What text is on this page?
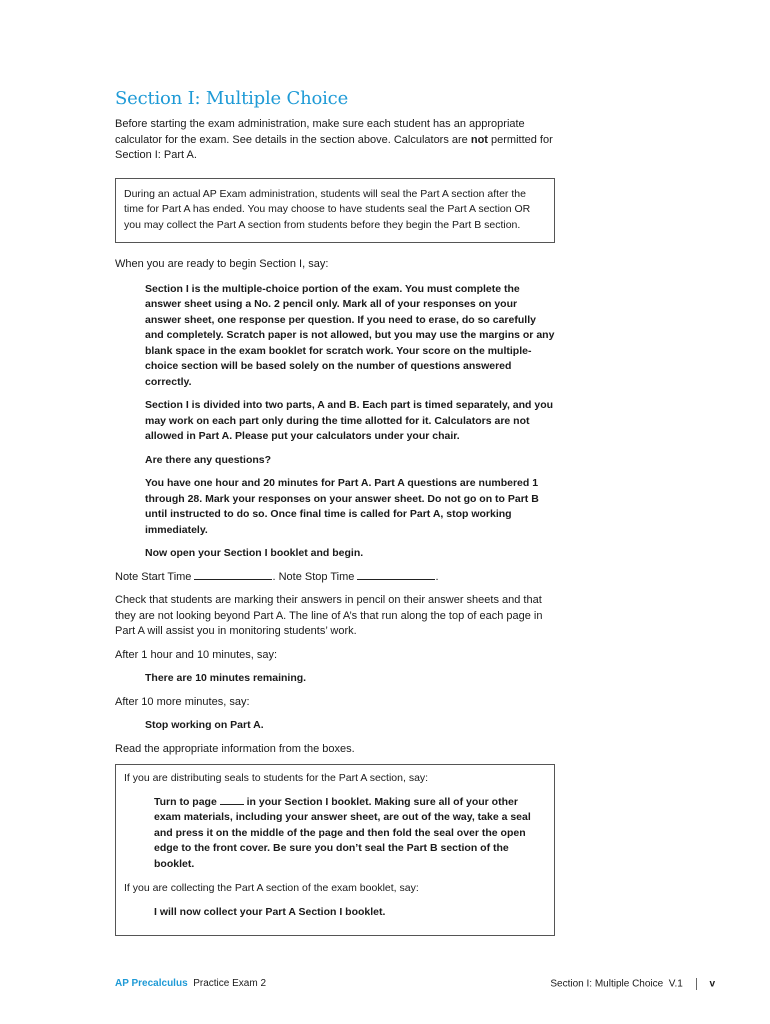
Section I: Multiple Choice

Before starting the exam administration, make sure each student has an appropriate calculator for the exam. See details in the section above. Calculators are not permitted for Section I: Part A.

During an actual AP Exam administration, students will seal the Part A section after the time for Part A has ended. You may choose to have students seal the Part A section OR you may collect the Part A section from students before they begin the Part B section.

When you are ready to begin Section I, say:

Section I is the multiple-choice portion of the exam. You must complete the answer sheet using a No. 2 pencil only. Mark all of your responses on your answer sheet, one response per question. If you need to erase, do so carefully and completely. Scratch paper is not allowed, but you may use the margins or any blank space in the exam booklet for scratch work. Your score on the multiple-choice section will be based solely on the number of questions answered correctly.

Section I is divided into two parts, A and B. Each part is timed separately, and you may work on each part only during the time allotted for it. Calculators are not allowed in Part A. Please put your calculators under your chair.

Are there any questions?

You have one hour and 20 minutes for Part A. Part A questions are numbered 1 through 28. Mark your responses on your answer sheet. Do not go on to Part B until instructed to do so. Once final time is called for Part A, stop working immediately.

Now open your Section I booklet and begin.

Note Start Time	. Note Stop Time	.

Check that students are marking their answers in pencil on their answer sheets and that they are not looking beyond Part A. The line of A’s that run along the top of each page in Part A will assist you in monitoring students’ work.

After 1 hour and 10 minutes, say:

There are 10 minutes remaining.

After 10 more minutes, say:

Stop working on Part A.

Read the appropriate information from the boxes.

If you are distributing seals to students for the Part A section, say:

Turn to page  in your Section I booklet. Making sure all of your other exam materials, including your answer sheet, are out of the way, take a seal and press it on the middle of the page and then fold the seal over the open edge to the front cover. Be sure you don’t seal the Part B section of the booklet.

If you are collecting the Part A section of the exam booklet, say:

I will now collect your Part A Section I booklet.

AP Precalculus Practice Exam 2	Section I: Multiple Choice V.1	v
